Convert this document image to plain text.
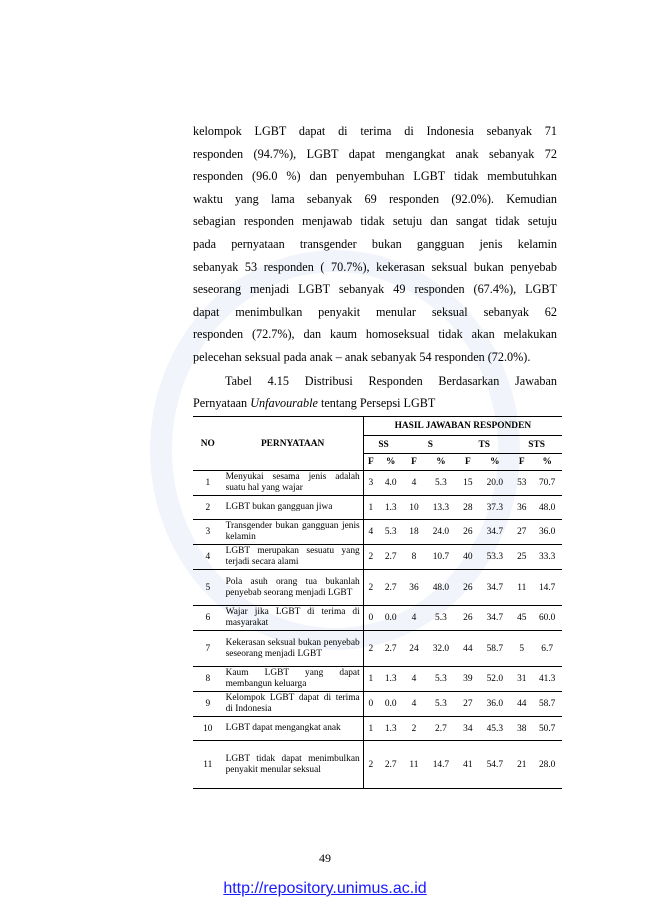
kelompok LGBT dapat di terima di Indonesia sebanyak 71
responden (94.7%), LGBT dapat mengangkat anak sebanyak 72
responden (96.0 %) dan penyembuhan LGBT tidak membutuhkan
waktu yang lama sebanyak 69 responden (92.0%). Kemudian
sebagian responden menjawab tidak setuju dan sangat tidak setuju
pada pernyataan transgender bukan gangguan jenis kelamin
sebanyak 53 responden ( 70.7%), kekerasan seksual bukan penyebab
seseorang menjadi LGBT sebanyak 49 responden (67.4%), LGBT
dapat menimbulkan penyakit menular seksual sebanyak 62
responden (72.7%), dan kaum homoseksual tidak akan melakukan
pelecehan seksual pada anak – anak sebanyak 54 responden (72.0%).
Tabel 4.15 Distribusi Responden Berdasarkan Jawaban
Pernyataan Unfavourable tentang Persepsi LGBT
NO	PERNYATAAN	HASIL JAWABAN RESPONDEN							
		SS		S		TS		STS	
		F	%	F	%	F	%	F	%
1	Menyukai sesama jenis adalah suatu hal yang wajar	3	4.0	4	5.3	15	20.0	53	70.7
2	LGBT bukan gangguan jiwa	1	1.3	10	13.3	28	37.3	36	48.0
3	Transgender bukan gangguan jenis kelamin	4	5.3	18	24.0	26	34.7	27	36.0
4	LGBT merupakan sesuatu yang terjadi secara alami	2	2.7	8	10.7	40	53.3	25	33.3
5	Pola asuh orang tua bukanlah penyebab seorang menjadi LGBT	2	2.7	36	48.0	26	34.7	11	14.7
6	Wajar jika LGBT di terima di masyarakat	0	0.0	4	5.3	26	34.7	45	60.0
7	Kekerasan seksual bukan penyebab seseorang menjadi LGBT	2	2.7	24	32.0	44	58.7	5	6.7
8	Kaum LGBT yang dapat membangun keluarga	1	1.3	4	5.3	39	52.0	31	41.3
9	Kelompok LGBT dapat di terima di Indonesia	0	0.0	4	5.3	27	36.0	44	58.7
10	LGBT dapat mengangkat anak	1	1.3	2	2.7	34	45.3	38	50.7
11	LGBT tidak dapat menimbulkan penyakit menular seksual	2	2.7	11	14.7	41	54.7	21	28.0
49
http://repository.unimus.ac.id
